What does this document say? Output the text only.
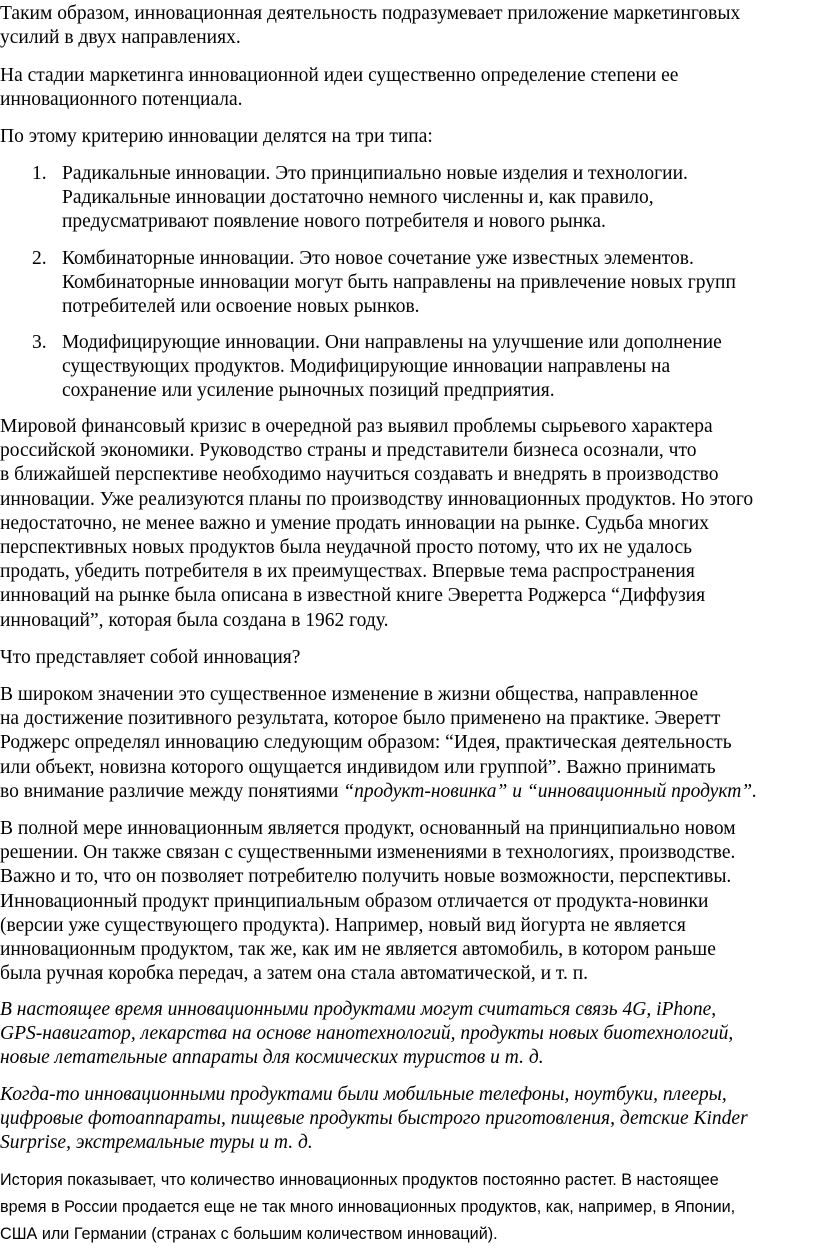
Таким образом, инновационная деятельность подразумевает приложение маркетинговых
усилий в двух направлениях.
На стадии маркетинга инновационной идеи существенно определение степени ее
инновационного потенциала.
По этому критерию инновации делятся на три типа:
1. Радикальные инновации. Это принципиально новые изделия и технологии.
Радикальные инновации достаточно немного численны и, как правило,
предусматривают появление нового потребителя и нового рынка.
2. Комбинаторные инновации. Это новое сочетание уже известных элементов.
Комбинаторные инновации могут быть направлены на привлечение новых групп
потребителей или освоение новых рынков.
3. Модифицирующие инновации. Они направлены на улучшение или дополнение
существующих продуктов. Модифицирующие инновации направлены на
сохранение или усиление рыночных позиций предприятия.
Мировой финансовый кризис в очередной раз выявил проблемы сырьевого характера
российской экономики. Руководство страны и представители бизнеса осознали, что
в ближайшей перспективе необходимо научиться создавать и внедрять в производство
инновации. Уже реализуются планы по производству инновационных продуктов. Но этого
недостаточно, не менее важно и умение продать инновации на рынке. Судьба многих
перспективных новых продуктов была неудачной просто потому, что их не удалось
продать, убедить потребителя в их преимуществах. Впервые тема распространения
инноваций на рынке была описана в известной книге Эверетта Роджерса “Диффузия
инноваций”, которая была создана в 1962 году.
Что представляет собой инновация?
В широком значении это существенное изменение в жизни общества, направленное
на достижение позитивного результата, которое было применено на практике. Эверетт
Роджерс определял инновацию следующим образом: “Идея, практическая деятельность
или объект, новизна которого ощущается индивидом или группой”. Важно принимать
во внимание различие между понятиями “продукт-новинка” и “инновационный продукт”.
В полной мере инновационным является продукт, основанный на принципиально новом
решении. Он также связан с существенными изменениями в технологиях, производстве.
Важно и то, что он позволяет потребителю получить новые возможности, перспективы.
Инновационный продукт принципиальным образом отличается от продукта-новинки
(версии уже существующего продукта). Например, новый вид йогурта не является
инновационным продуктом, так же, как им не является автомобиль, в котором раньше
была ручная коробка передач, а затем она стала автоматической, и т. п.
В настоящее время инновационными продуктами могут считаться связь 4G, iPhone,
GPS-навигатор, лекарства на основе нанотехнологий, продукты новых биотехнологий,
новые летательные аппараты для космических туристов и т. д.
Когда-то инновационными продуктами были мобильные телефоны, ноутбуки, плееры,
цифровые фотоаппараты, пищевые продукты быстрого приготовления, детские Kinder
Surprise, экстремальные туры и т. д.
История показывает, что количество инновационных продуктов постоянно растет. В настоящее
время в России продается еще не так много инновационных продуктов, как, например, в Японии,
США или Германии (странах с большим количеством инноваций).
